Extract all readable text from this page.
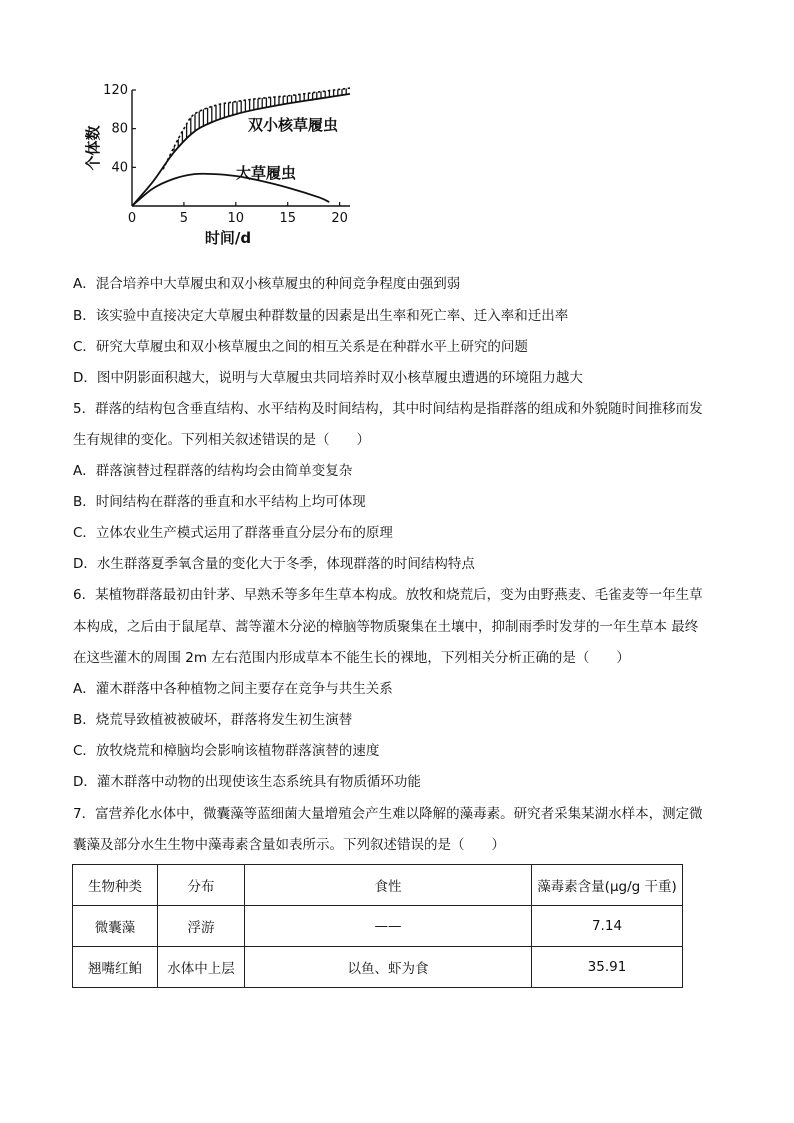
个体数
时间/d
双小核草履虫
大草履虫
0	5	10	15	20
40
80
120
A．混合培养中大草履虫和双小核草履虫的种间竞争程度由强到弱
B．该实验中直接决定大草履虫种群数量的因素是出生率和死亡率、迁入率和迁出率
C．研究大草履虫和双小核草履虫之间的相互关系是在种群水平上研究的问题
D．图中阴影面积越大，说明与大草履虫共同培养时双小核草履虫遭遇的环境阻力越大
5．群落的结构包含垂直结构、水平结构及时间结构，其中时间结构是指群落的组成和外貌随时间推移而发
生有规律的变化。下列相关叙述错误的是（　　）
A．群落演替过程群落的结构均会由简单变复杂
B．时间结构在群落的垂直和水平结构上均可体现
C．立体农业生产模式运用了群落垂直分层分布的原理
D．水生群落夏季氧含量的变化大于冬季，体现群落的时间结构特点
6．某植物群落最初由针茅、早熟禾等多年生草本构成。放牧和烧荒后，变为由野燕麦、毛雀麦等一年生草
本构成，之后由于鼠尾草、蒿等灌木分泌的樟脑等物质聚集在土壤中，抑制雨季时发芽的一年生草本 最终
在这些灌木的周围 2m 左右范围内形成草本不能生长的裸地，下列相关分析正确的是（　　）
A．灌木群落中各种植物之间主要存在竞争与共生关系
B．烧荒导致植被被破坏，群落将发生初生演替
C．放牧烧荒和樟脑均会影响该植物群落演替的速度
D．灌木群落中动物的出现使该生态系统具有物质循环功能
7．富营养化水体中，微囊藻等蓝细菌大量增殖会产生难以降解的藻毒素。研究者采集某湖水样本，测定微
囊藻及部分水生生物中藻毒素含量如表所示。下列叙述错误的是（　　）
生物种类	分布	食性	藻毒素含量(μg/g 干重)
微囊藻	浮游	——	7.14
翘嘴红鲌	水体中上层	以鱼、虾为食	35.91
